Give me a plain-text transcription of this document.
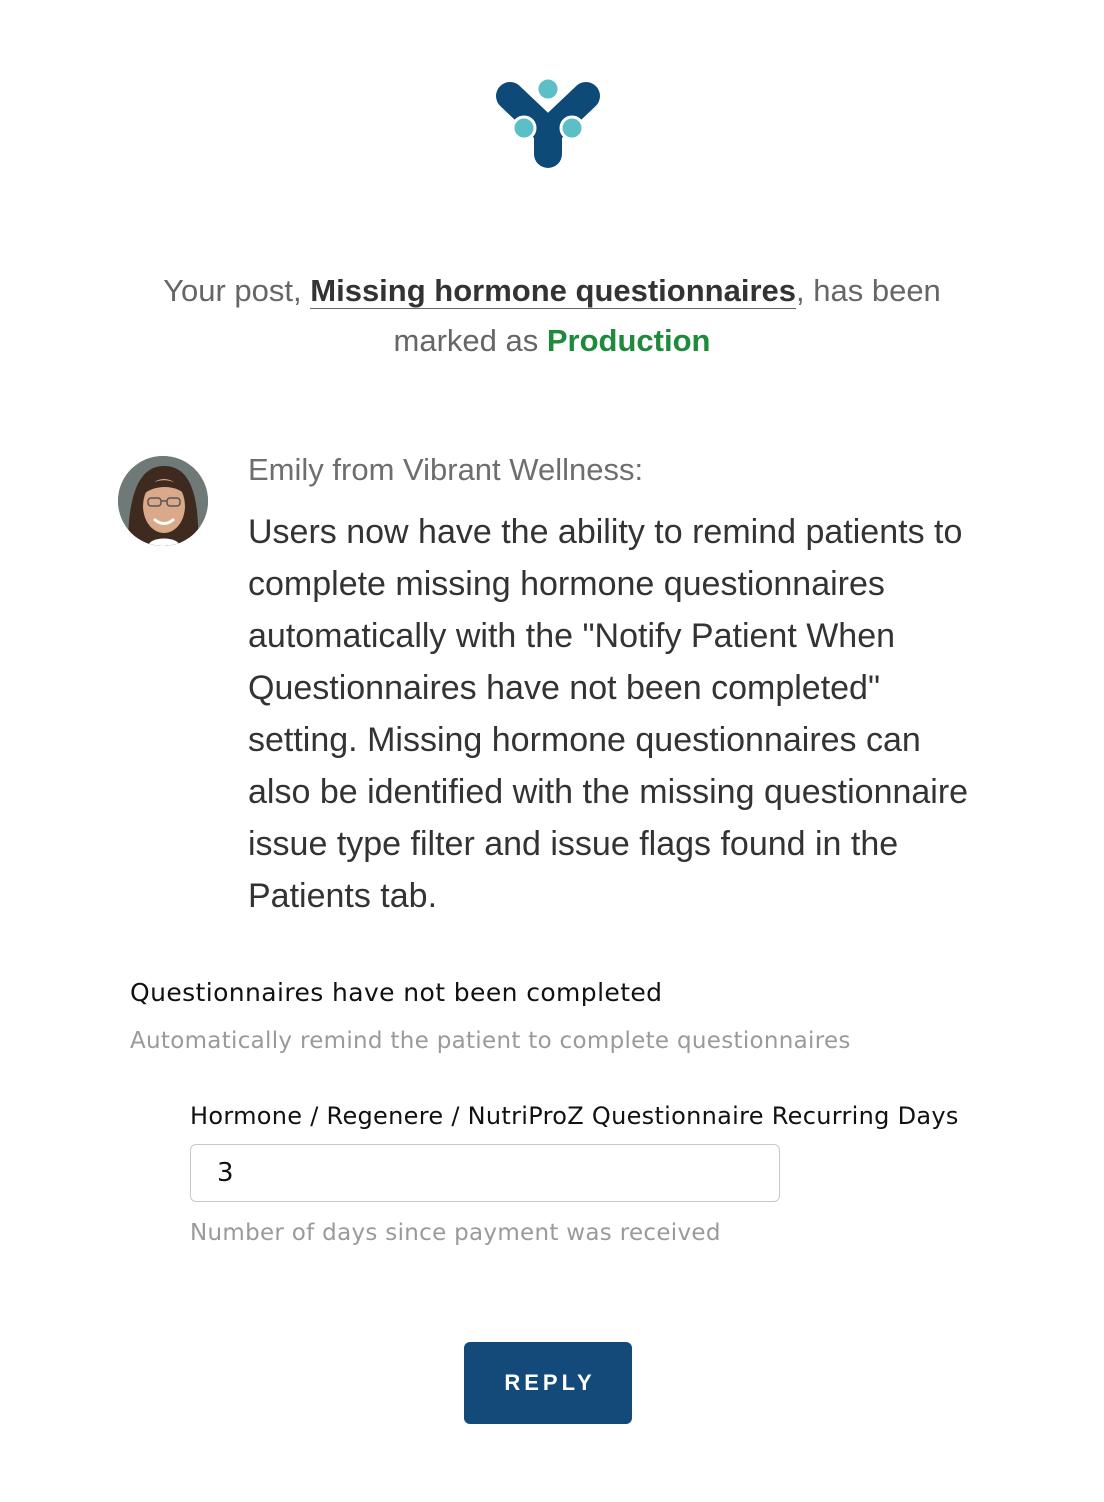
Your post, Missing hormone questionnaires, has been
marked as Production
Emily from Vibrant Wellness:
Users now have the ability to remind patients to complete missing hormone questionnaires automatically with the "Notify Patient When Questionnaires have not been completed" setting. Missing hormone questionnaires can also be identified with the missing questionnaire issue type filter and issue flags found in the Patients tab.
Questionnaires have not been completed
Automatically remind the patient to complete questionnaires
Hormone / Regenere / NutriProZ Questionnaire Recurring Days
3
Number of days since payment was received
REPLY
